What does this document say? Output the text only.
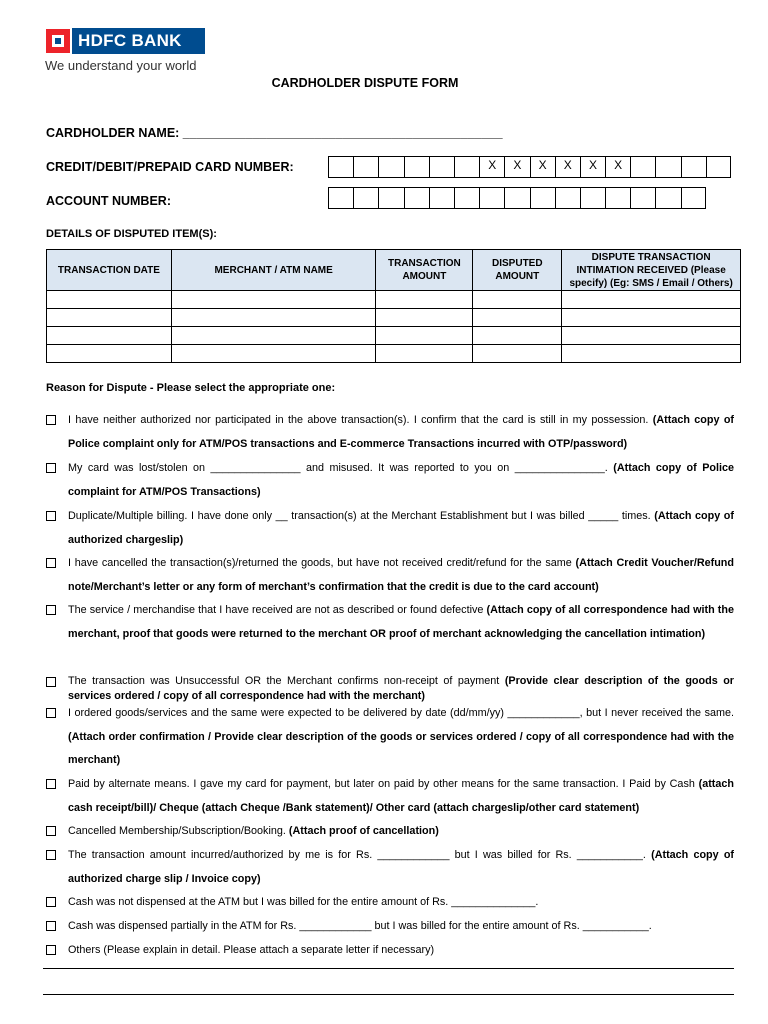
HDFC BANK
We understand your world
CARDHOLDER DISPUTE FORM
CARDHOLDER NAME: ______________________________________________
CREDIT/DEBIT/PREPAID CARD NUMBER:	X	X	X	X	X	X
ACCOUNT NUMBER:
DETAILS OF DISPUTED ITEM(S):
TRANSACTION DATE	MERCHANT / ATM NAME	TRANSACTION AMOUNT	DISPUTED AMOUNT	DISPUTE TRANSACTION INTIMATION RECEIVED (Please specify) (Eg: SMS / Email / Others)

Reason for Dispute - Please select the appropriate one:
I have neither authorized nor participated in the above transaction(s). I confirm that the card is still in my possession. (Attach copy of Police complaint only for ATM/POS transactions and E-commerce Transactions incurred with OTP/password)
My card was lost/stolen on _______________ and misused. It was reported to you on _______________. (Attach copy of Police complaint for ATM/POS Transactions)
Duplicate/Multiple billing. I have done only __ transaction(s) at the Merchant Establishment but I was billed _____ times. (Attach copy of authorized chargeslip)
I have cancelled the transaction(s)/returned the goods, but have not received credit/refund for the same (Attach Credit Voucher/Refund note/Merchant’s letter or any form of merchant’s confirmation that the credit is due to the card account)
The service / merchandise that I have received are not as described or found defective (Attach copy of all correspondence had with the merchant, proof that goods were returned to the merchant OR proof of merchant acknowledging the cancellation intimation)
The transaction was Unsuccessful OR the Merchant confirms non-receipt of payment (Provide clear description of the goods or services ordered / copy of all correspondence had with the merchant)
I ordered goods/services and the same were expected to be delivered by date (dd/mm/yy) ____________, but I never received the same. (Attach order confirmation / Provide clear description of the goods or services ordered / copy of all correspondence had with the merchant)
Paid by alternate means. I gave my card for payment, but later on paid by other means for the same transaction. I Paid by Cash (attach cash receipt/bill)/ Cheque (attach Cheque /Bank statement)/ Other card (attach chargeslip/other card statement)
Cancelled Membership/Subscription/Booking. (Attach proof of cancellation)
The transaction amount incurred/authorized by me is for Rs. ____________ but I was billed for Rs. ___________. (Attach copy of authorized charge slip / Invoice copy)
Cash was not dispensed at the ATM but I was billed for the entire amount of Rs. ______________.
Cash was dispensed partially in the ATM for Rs. ____________ but I was billed for the entire amount of Rs. ___________.
Others (Please explain in detail. Please attach a separate letter if necessary)
